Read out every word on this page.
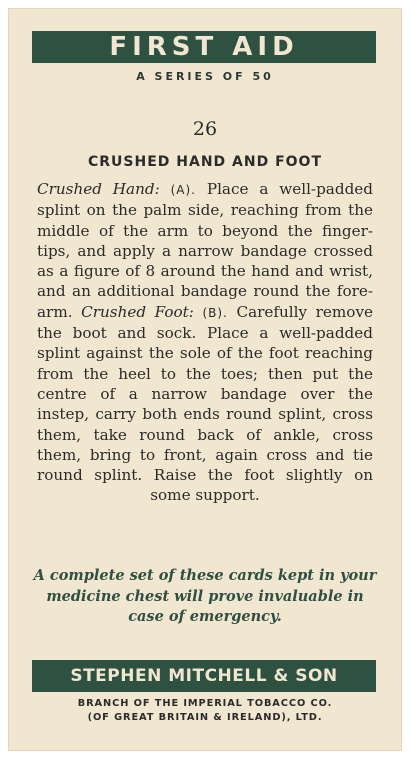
FIRST AID
A SERIES OF 50
26
CRUSHED HAND AND FOOT
Crushed Hand: (A). Place a well-padded splint on the palm side, reaching from the middle of the arm to beyond the finger-tips, and apply a narrow bandage crossed as a figure of 8 around the hand and wrist, and an additional bandage round the fore-arm. Crushed Foot: (B). Carefully remove the boot and sock. Place a well-padded splint against the sole of the foot reaching from the heel to the toes; then put the centre of a narrow bandage over the instep, carry both ends round splint, cross them, take round back of ankle, cross them, bring to front, again cross and tie round splint. Raise the foot slightly on some support.
A complete set of these cards kept in your medicine chest will prove invaluable in case of emergency.
STEPHEN MITCHELL & SON
BRANCH OF THE IMPERIAL TOBACCO CO.
(OF GREAT BRITAIN & IRELAND), LTD.
